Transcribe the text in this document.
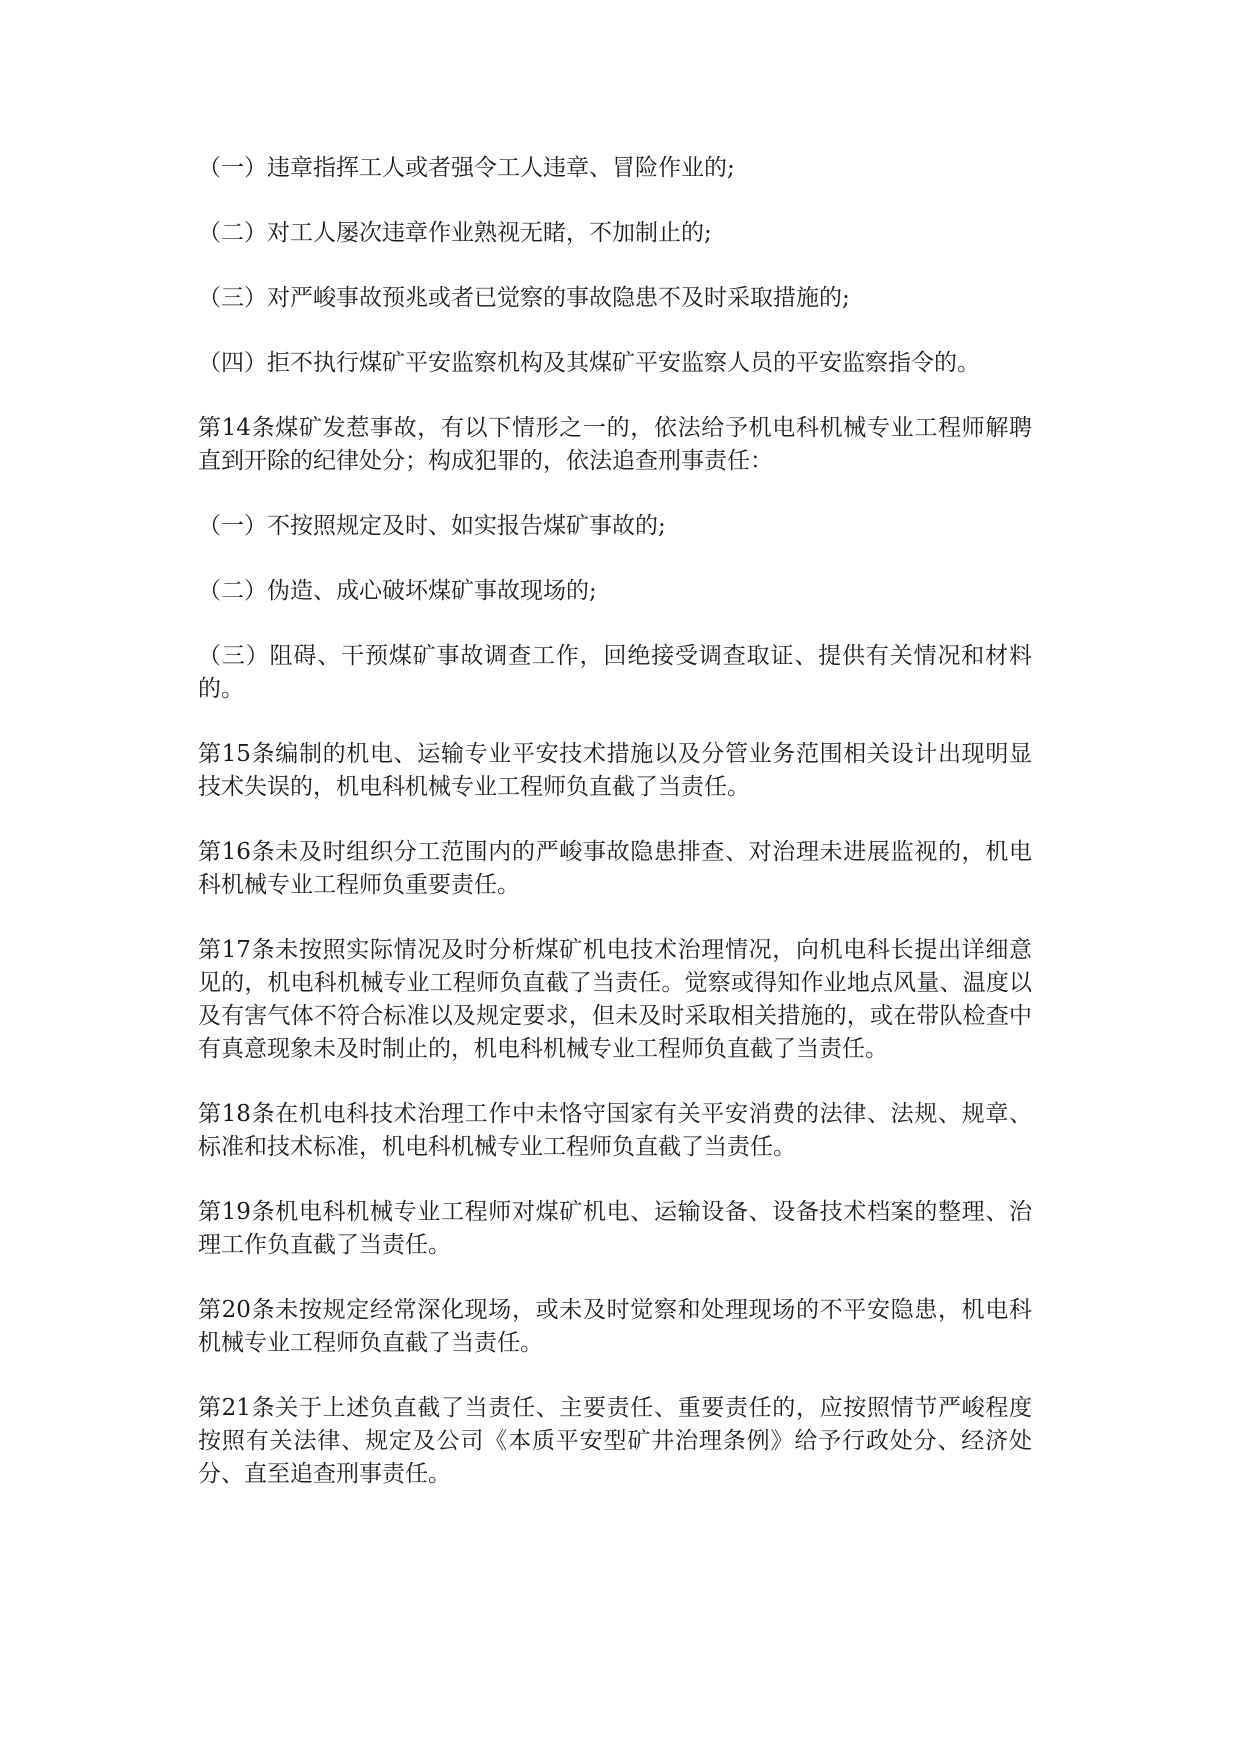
（一）违章指挥工人或者强令工人违章、冒险作业的;

（二）对工人屡次违章作业熟视无睹，不加制止的;

（三）对严峻事故预兆或者已觉察的事故隐患不及时采取措施的;

（四）拒不执行煤矿平安监察机构及其煤矿平安监察人员的平安监察指令的。

第14条煤矿发惹事故，有以下情形之一的，依法给予机电科机械专业工程师解聘直到开除的纪律处分；构成犯罪的，依法追查刑事责任：

（一）不按照规定及时、如实报告煤矿事故的;

（二）伪造、成心破坏煤矿事故现场的;

（三）阻碍、干预煤矿事故调查工作，回绝接受调查取证、提供有关情况和材料的。

第15条编制的机电、运输专业平安技术措施以及分管业务范围相关设计出现明显技术失误的，机电科机械专业工程师负直截了当责任。

第16条未及时组织分工范围内的严峻事故隐患排查、对治理未进展监视的，机电科机械专业工程师负重要责任。

第17条未按照实际情况及时分析煤矿机电技术治理情况，向机电科长提出详细意见的，机电科机械专业工程师负直截了当责任。觉察或得知作业地点风量、温度以及有害气体不符合标准以及规定要求，但未及时采取相关措施的，或在带队检查中有真意现象未及时制止的，机电科机械专业工程师负直截了当责任。

第18条在机电科技术治理工作中未恪守国家有关平安消费的法律、法规、规章、标准和技术标准，机电科机械专业工程师负直截了当责任。

第19条机电科机械专业工程师对煤矿机电、运输设备、设备技术档案的整理、治理工作负直截了当责任。

第20条未按规定经常深化现场，或未及时觉察和处理现场的不平安隐患，机电科机械专业工程师负直截了当责任。

第21条关于上述负直截了当责任、主要责任、重要责任的，应按照情节严峻程度按照有关法律、规定及公司《本质平安型矿井治理条例》给予行政处分、经济处分、直至追查刑事责任。
